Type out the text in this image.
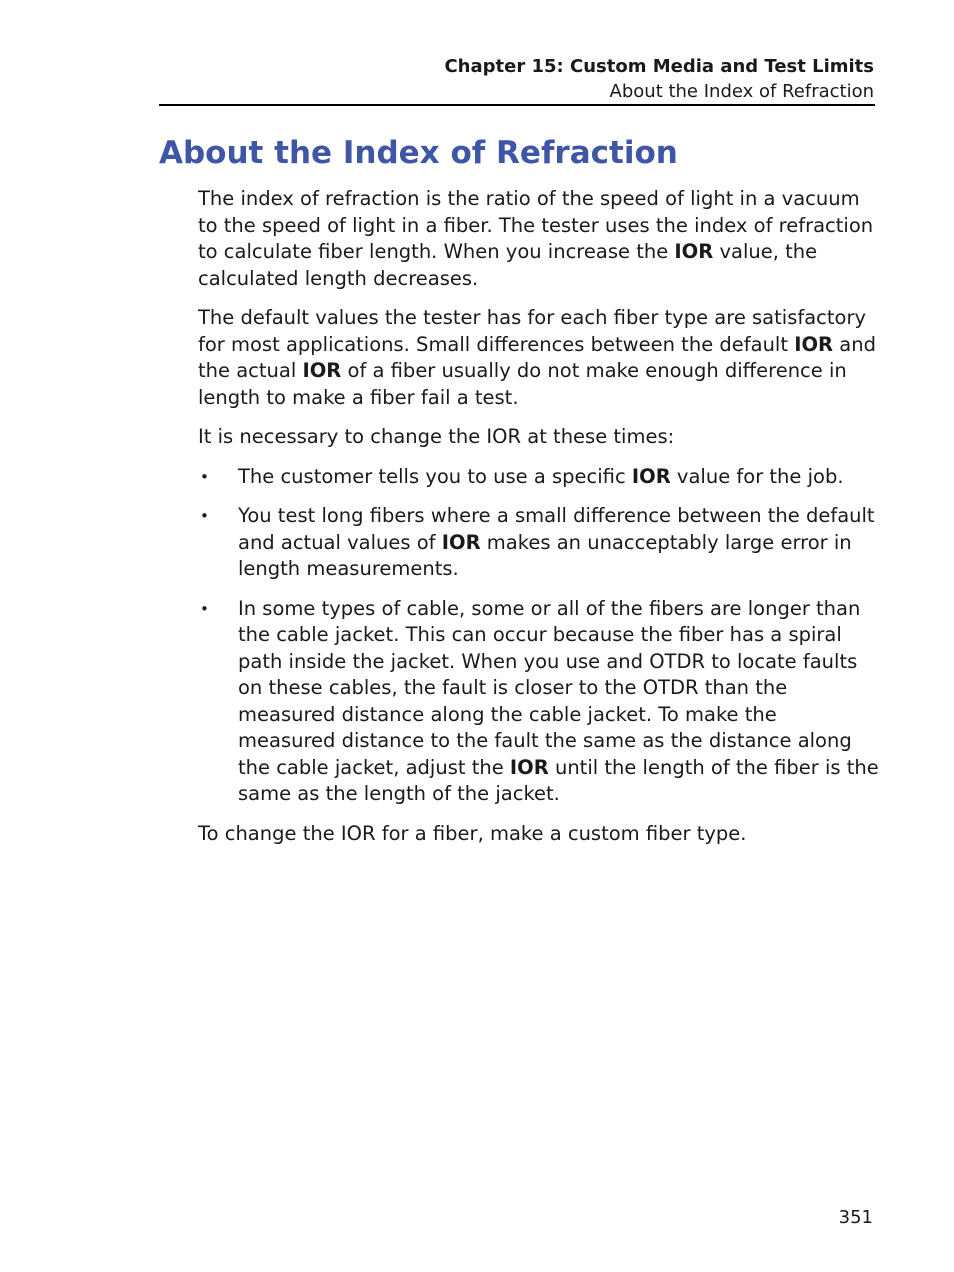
Chapter 15: Custom Media and Test Limits
About the Index of Refraction
About the Index of Refraction

The index of refraction is the ratio of the speed of light in a vacuum to the speed of light in a fiber. The tester uses the index of refraction to calculate fiber length. When you increase the IOR value, the calculated length decreases.

The default values the tester has for each fiber type are satisfactory for most applications. Small differences between the default IOR and the actual IOR of a fiber usually do not make enough difference in length to make a fiber fail a test.

It is necessary to change the IOR at these times:

• The customer tells you to use a specific IOR value for the job.
• You test long fibers where a small difference between the default and actual values of IOR makes an unacceptably large error in length measurements.
• In some types of cable, some or all of the fibers are longer than the cable jacket. This can occur because the fiber has a spiral path inside the jacket. When you use and OTDR to locate faults on these cables, the fault is closer to the OTDR than the measured distance along the cable jacket. To make the measured distance to the fault the same as the distance along the cable jacket, adjust the IOR until the length of the fiber is the same as the length of the jacket.

To change the IOR for a fiber, make a custom fiber type.

351
